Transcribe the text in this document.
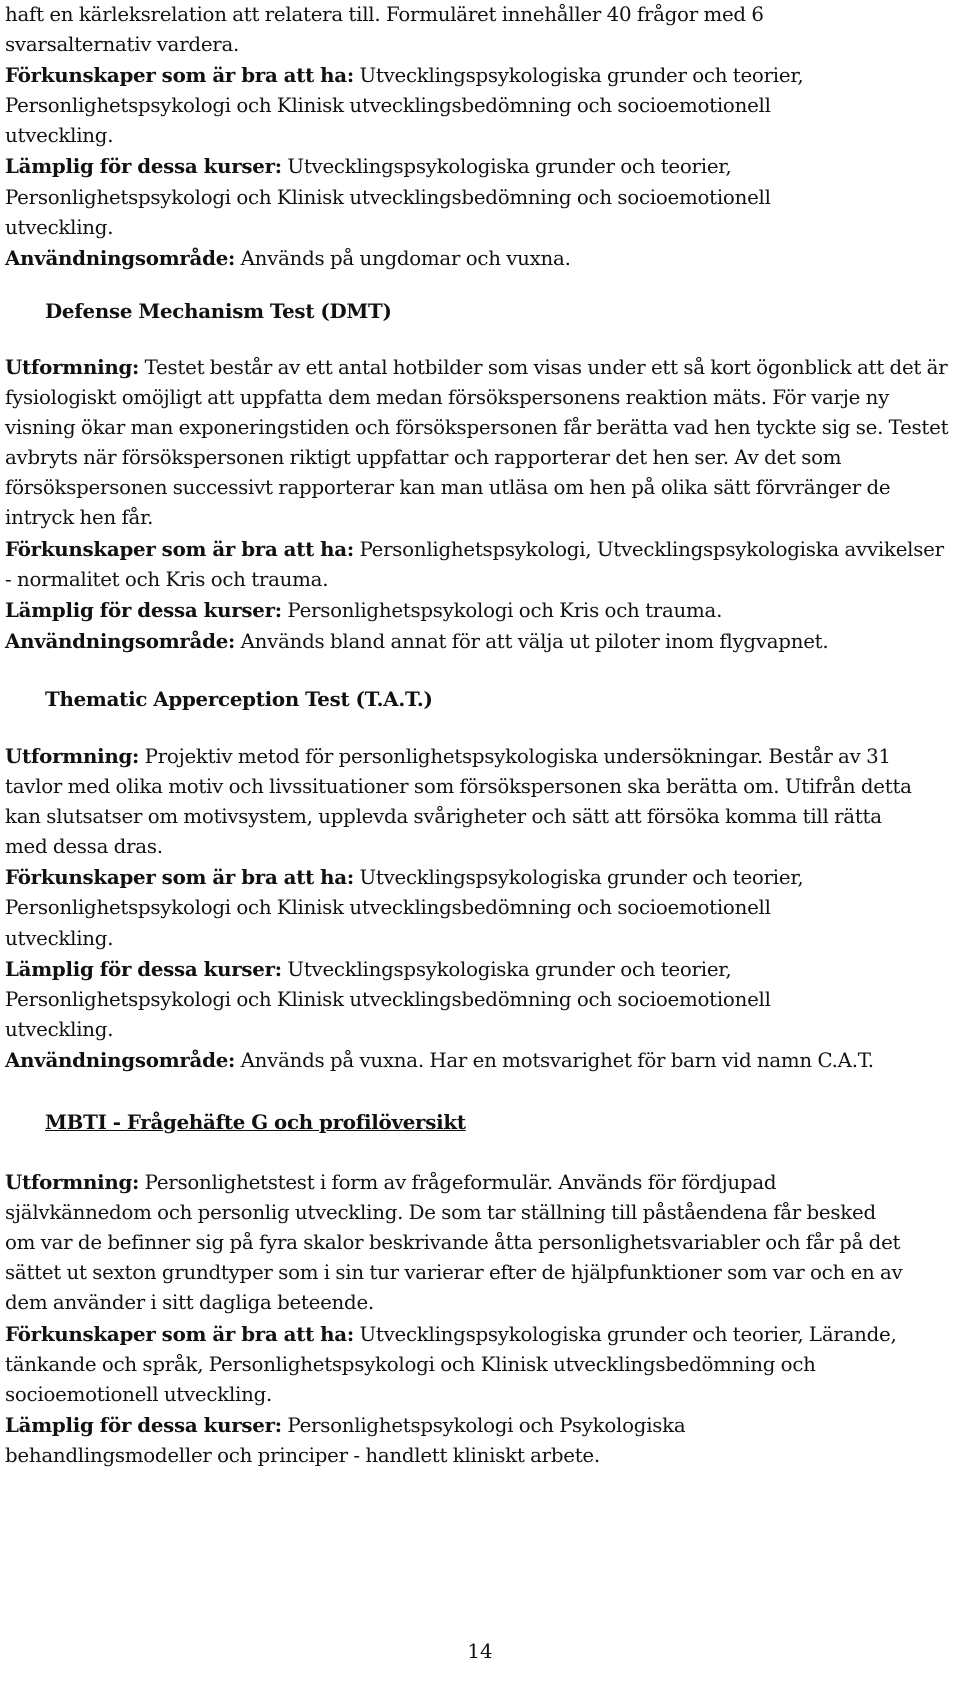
haft en kärleksrelation att relatera till. Formuläret innehåller 40 frågor med 6 svarsalternativ vardera.

Förkunskaper som är bra att ha: Utvecklingspsykologiska grunder och teorier, Personlighetspsykologi och Klinisk utvecklingsbedömning och socioemotionell utveckling.

Lämplig för dessa kurser: Utvecklingspsykologiska grunder och teorier, Personlighetspsykologi och Klinisk utvecklingsbedömning och socioemotionell utveckling.

Användningsområde: Används på ungdomar och vuxna.

Defense Mechanism Test (DMT)

Utformning: Testet består av ett antal hotbilder som visas under ett så kort ögonblick att det är fysiologiskt omöjligt att uppfatta dem medan försökspersonens reaktion mäts. För varje ny visning ökar man exponeringstiden och försökspersonen får berätta vad hen tyckte sig se. Testet avbryts när försökspersonen riktigt uppfattar och rapporterar det hen ser. Av det som försökspersonen successivt rapporterar kan man utläsa om hen på olika sätt förvränger de intryck hen får.

Förkunskaper som är bra att ha: Personlighetspsykologi, Utvecklingspsykologiska avvikelser - normalitet och Kris och trauma.

Lämplig för dessa kurser: Personlighetspsykologi och Kris och trauma.

Användningsområde: Används bland annat för att välja ut piloter inom flygvapnet.

Thematic Apperception Test (T.A.T.)

Utformning: Projektiv metod för personlighetspsykologiska undersökningar. Består av 31 tavlor med olika motiv och livssituationer som försökspersonen ska berätta om. Utifrån detta kan slutsatser om motivsystem, upplevda svårigheter och sätt att försöka komma till rätta med dessa dras.

Förkunskaper som är bra att ha: Utvecklingspsykologiska grunder och teorier, Personlighetspsykologi och Klinisk utvecklingsbedömning och socioemotionell utveckling.

Lämplig för dessa kurser: Utvecklingspsykologiska grunder och teorier, Personlighetspsykologi och Klinisk utvecklingsbedömning och socioemotionell utveckling.

Användningsområde: Används på vuxna. Har en motsvarighet för barn vid namn C.A.T.

MBTI - Frågehäfte G och profilöversikt

Utformning: Personlighetstest i form av frågeformulär. Används för fördjupad självkännedom och personlig utveckling. De som tar ställning till påståendena får besked om var de befinner sig på fyra skalor beskrivande åtta personlighetsvariabler och får på det sättet ut sexton grundtyper som i sin tur varierar efter de hjälpfunktioner som var och en av dem använder i sitt dagliga beteende.

Förkunskaper som är bra att ha: Utvecklingspsykologiska grunder och teorier, Lärande, tänkande och språk, Personlighetspsykologi och Klinisk utvecklingsbedömning och socioemotionell utveckling.

Lämplig för dessa kurser: Personlighetspsykologi och Psykologiska behandlingsmodeller och principer - handlett kliniskt arbete.

14
